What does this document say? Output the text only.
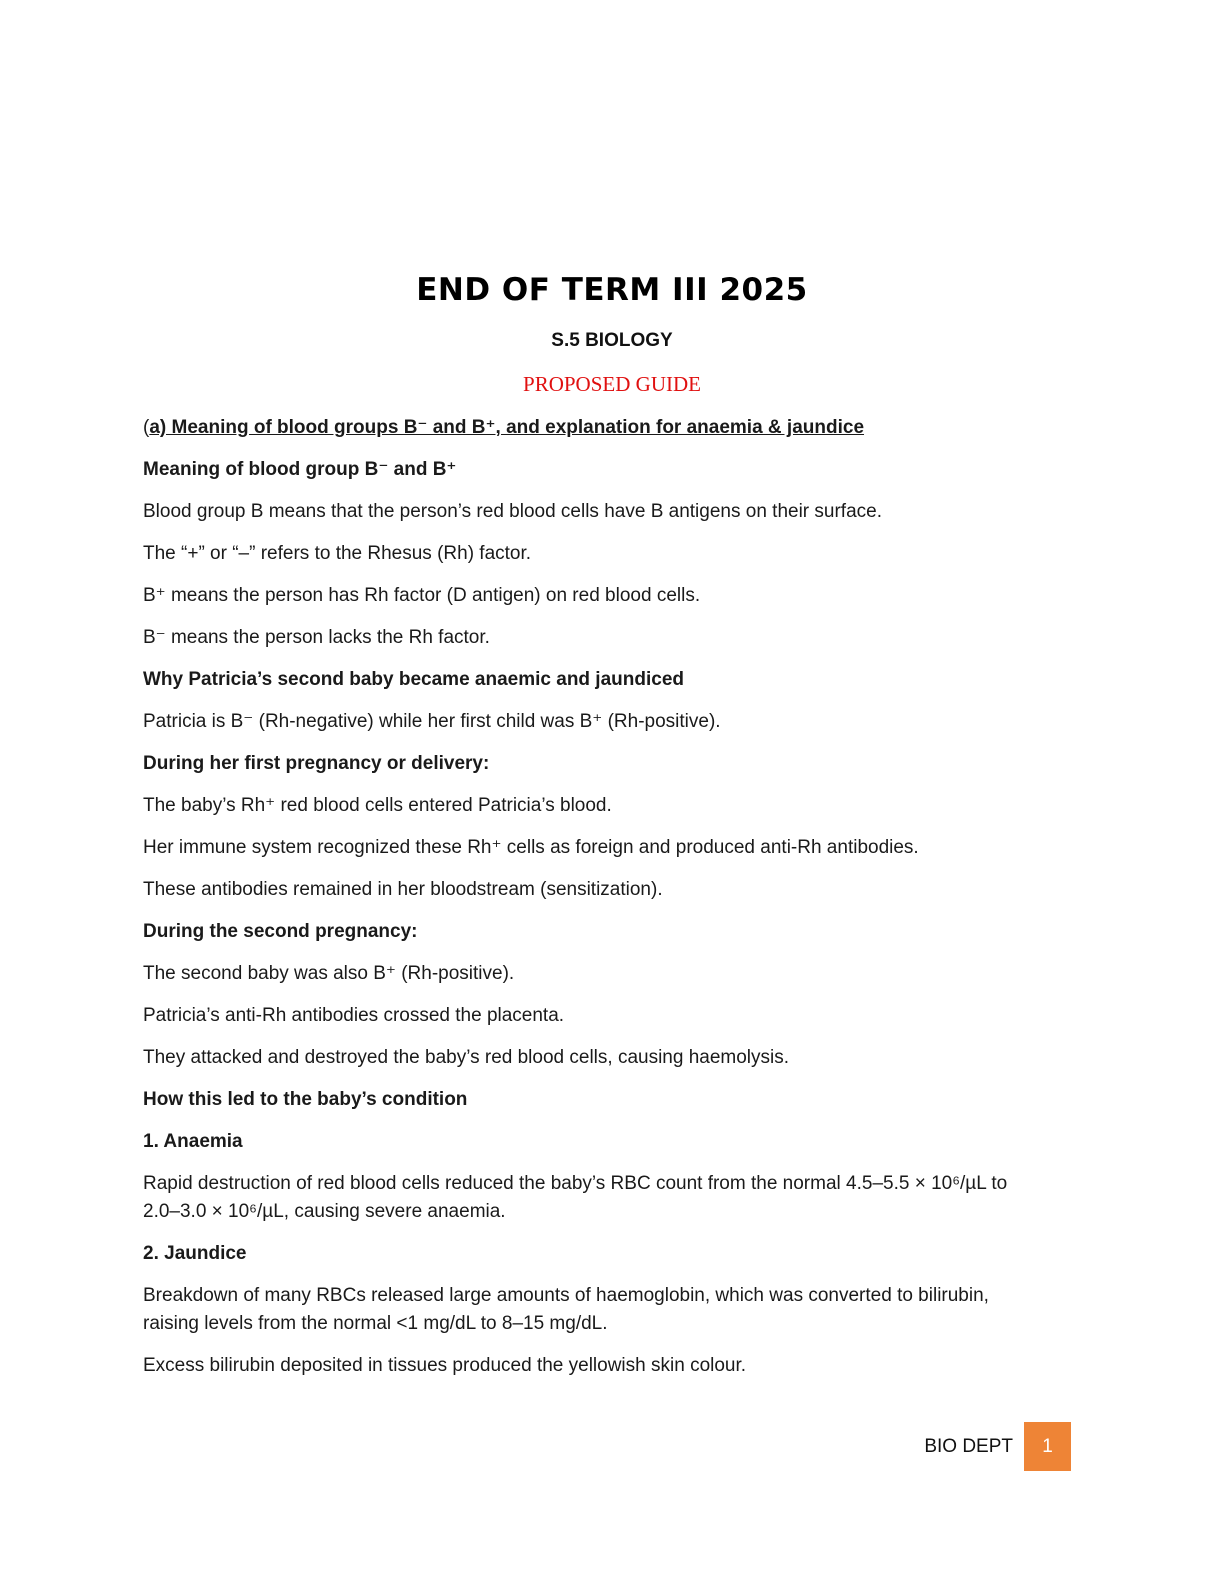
END OF TERM III 2025
S.5 BIOLOGY
PROPOSED GUIDE

(a) Meaning of blood groups B⁻ and B⁺, and explanation for anaemia & jaundice

Meaning of blood group B⁻ and B⁺

Blood group B means that the person’s red blood cells have B antigens on their surface.

The “+” or “–” refers to the Rhesus (Rh) factor.

B⁺ means the person has Rh factor (D antigen) on red blood cells.

B⁻ means the person lacks the Rh factor.

Why Patricia’s second baby became anaemic and jaundiced

Patricia is B⁻ (Rh-negative) while her first child was B⁺ (Rh-positive).

During her first pregnancy or delivery:

The baby’s Rh⁺ red blood cells entered Patricia’s blood.

Her immune system recognized these Rh⁺ cells as foreign and produced anti-Rh antibodies.

These antibodies remained in her bloodstream (sensitization).

During the second pregnancy:

The second baby was also B⁺ (Rh-positive).

Patricia’s anti-Rh antibodies crossed the placenta.

They attacked and destroyed the baby’s red blood cells, causing haemolysis.

How this led to the baby’s condition

1. Anaemia

Rapid destruction of red blood cells reduced the baby’s RBC count from the normal 4.5–5.5 × 10⁶/µL to

2.0–3.0 × 10⁶/µL, causing severe anaemia.

2. Jaundice

Breakdown of many RBCs released large amounts of haemoglobin, which was converted to bilirubin,

raising levels from the normal <1 mg/dL to 8–15 mg/dL.

Excess bilirubin deposited in tissues produced the yellowish skin colour.

BIO DEPT	1
